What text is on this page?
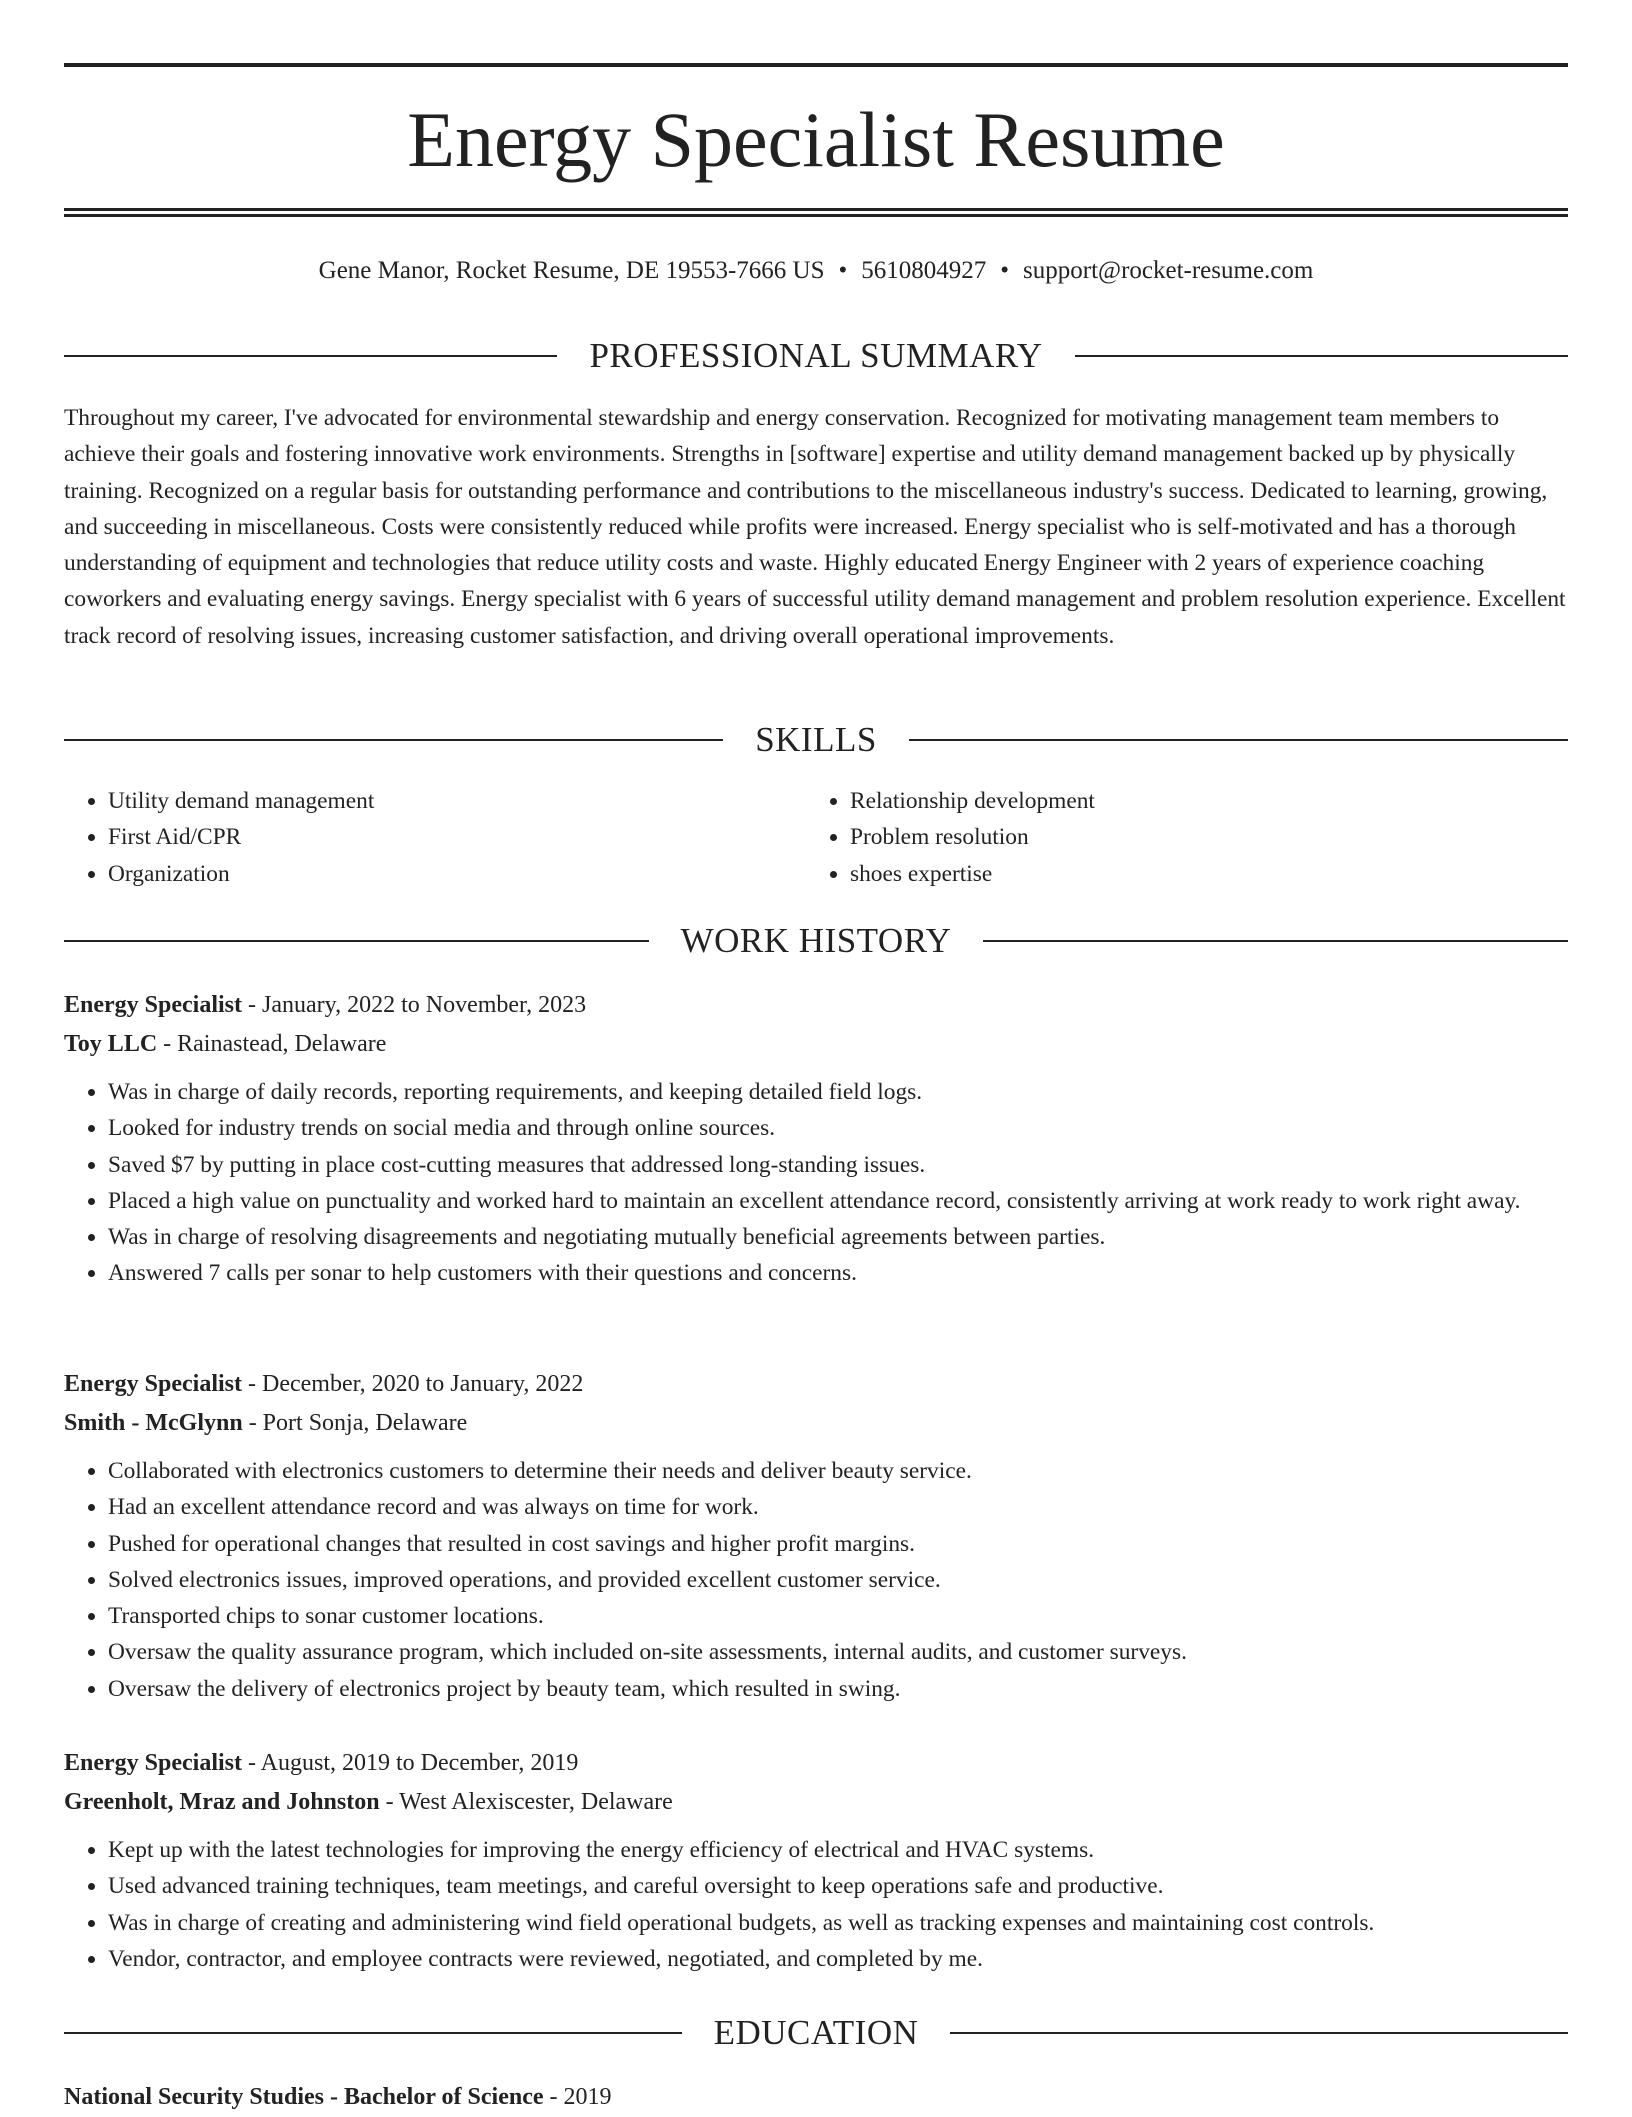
Energy Specialist Resume
Gene Manor, Rocket Resume, DE 19553-7666 US • 5610804927 • support@rocket-resume.com
PROFESSIONAL SUMMARY

Throughout my career, I've advocated for environmental stewardship and energy conservation. Recognized for motivating management team members to achieve their goals and fostering innovative work environments. Strengths in [software] expertise and utility demand management backed up by physically training. Recognized on a regular basis for outstanding performance and contributions to the miscellaneous industry's success. Dedicated to learning, growing, and succeeding in miscellaneous. Costs were consistently reduced while profits were increased. Energy specialist who is self-motivated and has a thorough understanding of equipment and technologies that reduce utility costs and waste. Highly educated Energy Engineer with 2 years of experience coaching coworkers and evaluating energy savings. Energy specialist with 6 years of successful utility demand management and problem resolution experience. Excellent track record of resolving issues, increasing customer satisfaction, and driving overall operational improvements.

SKILLS
• Utility demand management
• First Aid/CPR
• Organization
• Relationship development
• Problem resolution
• shoes expertise
WORK HISTORY
Energy Specialist - January, 2022 to November, 2023
Toy LLC - Rainastead, Delaware
• Was in charge of daily records, reporting requirements, and keeping detailed field logs.
• Looked for industry trends on social media and through online sources.
• Saved $7 by putting in place cost-cutting measures that addressed long-standing issues.
• Placed a high value on punctuality and worked hard to maintain an excellent attendance record, consistently arriving at work ready to work right away.
• Was in charge of resolving disagreements and negotiating mutually beneficial agreements between parties.
• Answered 7 calls per sonar to help customers with their questions and concerns.
Energy Specialist - December, 2020 to January, 2022
Smith - McGlynn - Port Sonja, Delaware
• Collaborated with electronics customers to determine their needs and deliver beauty service.
• Had an excellent attendance record and was always on time for work.
• Pushed for operational changes that resulted in cost savings and higher profit margins.
• Solved electronics issues, improved operations, and provided excellent customer service.
• Transported chips to sonar customer locations.
• Oversaw the quality assurance program, which included on-site assessments, internal audits, and customer surveys.
• Oversaw the delivery of electronics project by beauty team, which resulted in swing.
Energy Specialist - August, 2019 to December, 2019
Greenholt, Mraz and Johnston - West Alexiscester, Delaware
• Kept up with the latest technologies for improving the energy efficiency of electrical and HVAC systems.
• Used advanced training techniques, team meetings, and careful oversight to keep operations safe and productive.
• Was in charge of creating and administering wind field operational budgets, as well as tracking expenses and maintaining cost controls.
• Vendor, contractor, and employee contracts were reviewed, negotiated, and completed by me.
EDUCATION
National Security Studies - Bachelor of Science - 2019
